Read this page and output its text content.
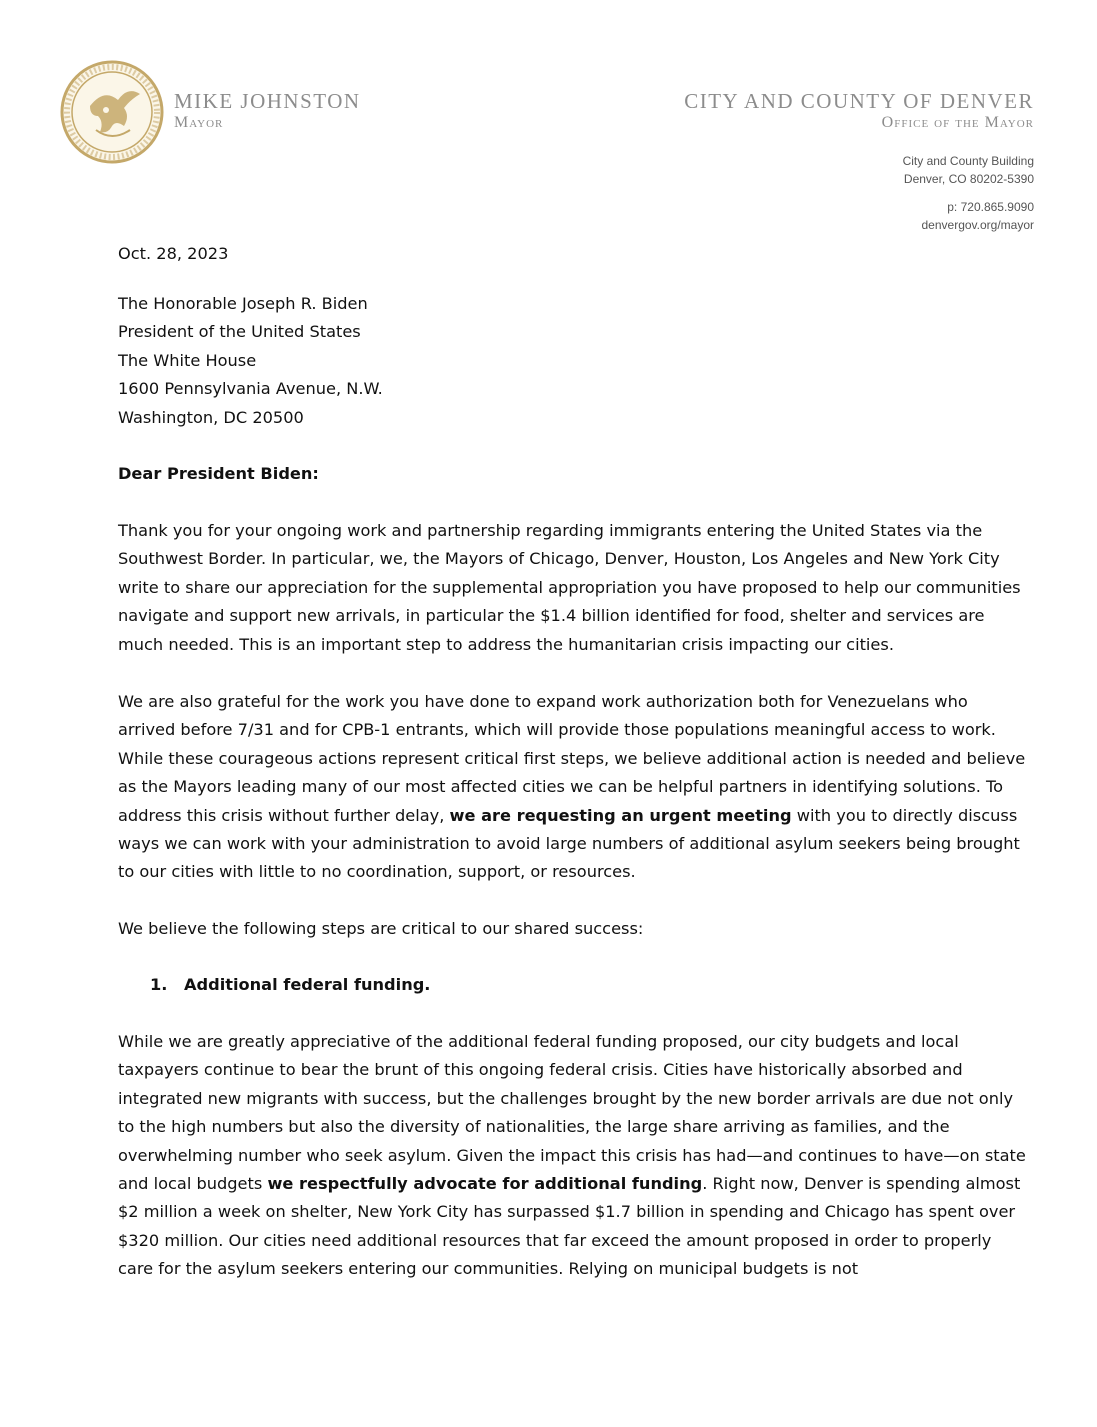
MIKE JOHNSTON
Mayor
CITY AND COUNTY OF DENVER
Office of the Mayor
City and County Building
Denver, CO 80202-5390
p: 720.865.9090
denvergov.org/mayor
Oct. 28, 2023
The Honorable Joseph R. Biden
President of the United States
The White House
1600 Pennsylvania Avenue, N.W.
Washington, DC 20500
Dear President Biden:

Thank you for your ongoing work and partnership regarding immigrants entering the United States via the Southwest Border. In particular, we, the Mayors of Chicago, Denver, Houston, Los Angeles and New York City write to share our appreciation for the supplemental appropriation you have proposed to help our communities navigate and support new arrivals, in particular the $1.4 billion identified for food, shelter and services are much needed. This is an important step to address the humanitarian crisis impacting our cities.

We are also grateful for the work you have done to expand work authorization both for Venezuelans who arrived before 7/31 and for CPB-1 entrants, which will provide those populations meaningful access to work. While these courageous actions represent critical first steps, we believe additional action is needed and believe as the Mayors leading many of our most affected cities we can be helpful partners in identifying solutions. To address this crisis without further delay, we are requesting an urgent meeting with you to directly discuss ways we can work with your administration to avoid large numbers of additional asylum seekers being brought to our cities with little to no coordination, support, or resources.

We believe the following steps are critical to our shared success:

1. Additional federal funding.

While we are greatly appreciative of the additional federal funding proposed, our city budgets and local taxpayers continue to bear the brunt of this ongoing federal crisis. Cities have historically absorbed and integrated new migrants with success, but the challenges brought by the new border arrivals are due not only to the high numbers but also the diversity of nationalities, the large share arriving as families, and the overwhelming number who seek asylum. Given the impact this crisis has had—and continues to have—on state and local budgets we respectfully advocate for additional funding. Right now, Denver is spending almost $2 million a week on shelter, New York City has surpassed $1.7 billion in spending and Chicago has spent over $320 million. Our cities need additional resources that far exceed the amount proposed in order to properly care for the asylum seekers entering our communities. Relying on municipal budgets is not
